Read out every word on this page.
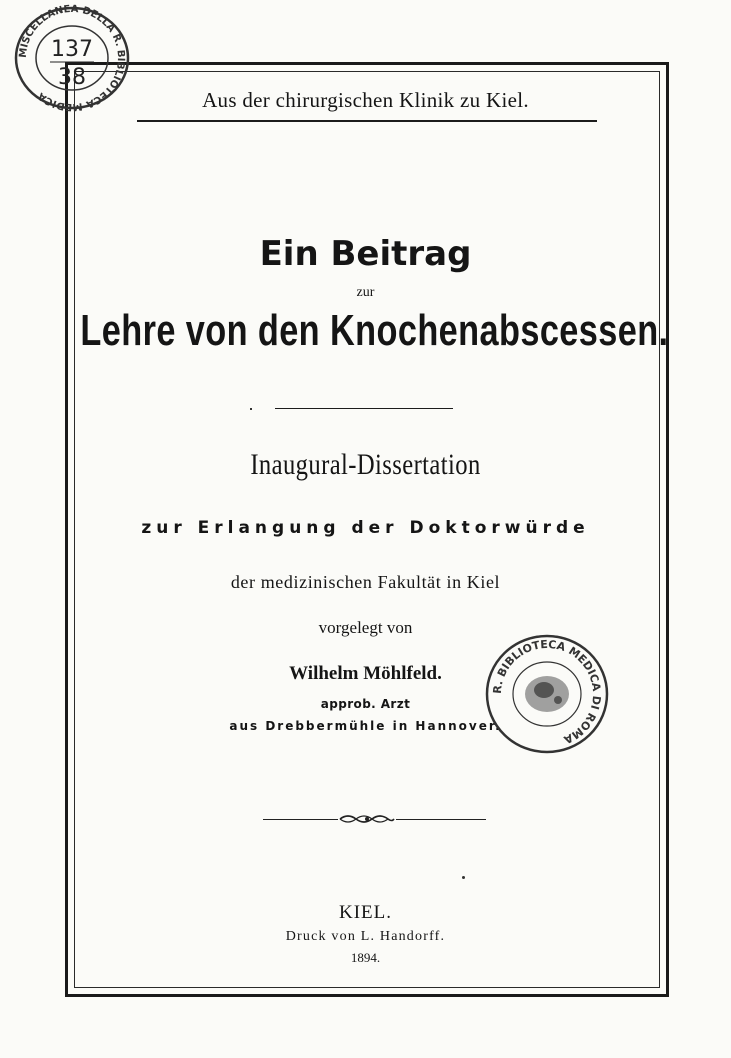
Aus der chirurgischen Klinik zu Kiel.
Ein Beitrag
zur
Lehre von den Knochenabscessen.
Inaugural-Dissertation
zur Erlangung der Doktorwürde
der medizinischen Fakultät in Kiel
vorgelegt von
Wilhelm Möhlfeld.
approb. Arzt
aus Drebbermühle in Hannover.
KIEL.
Druck von L. Handorff.
1894.
MISCELLANEA DELLA R. BIBLIOTECA MEDICA
137
38
R. BIBLIOTECA MEDICA DI ROMA
